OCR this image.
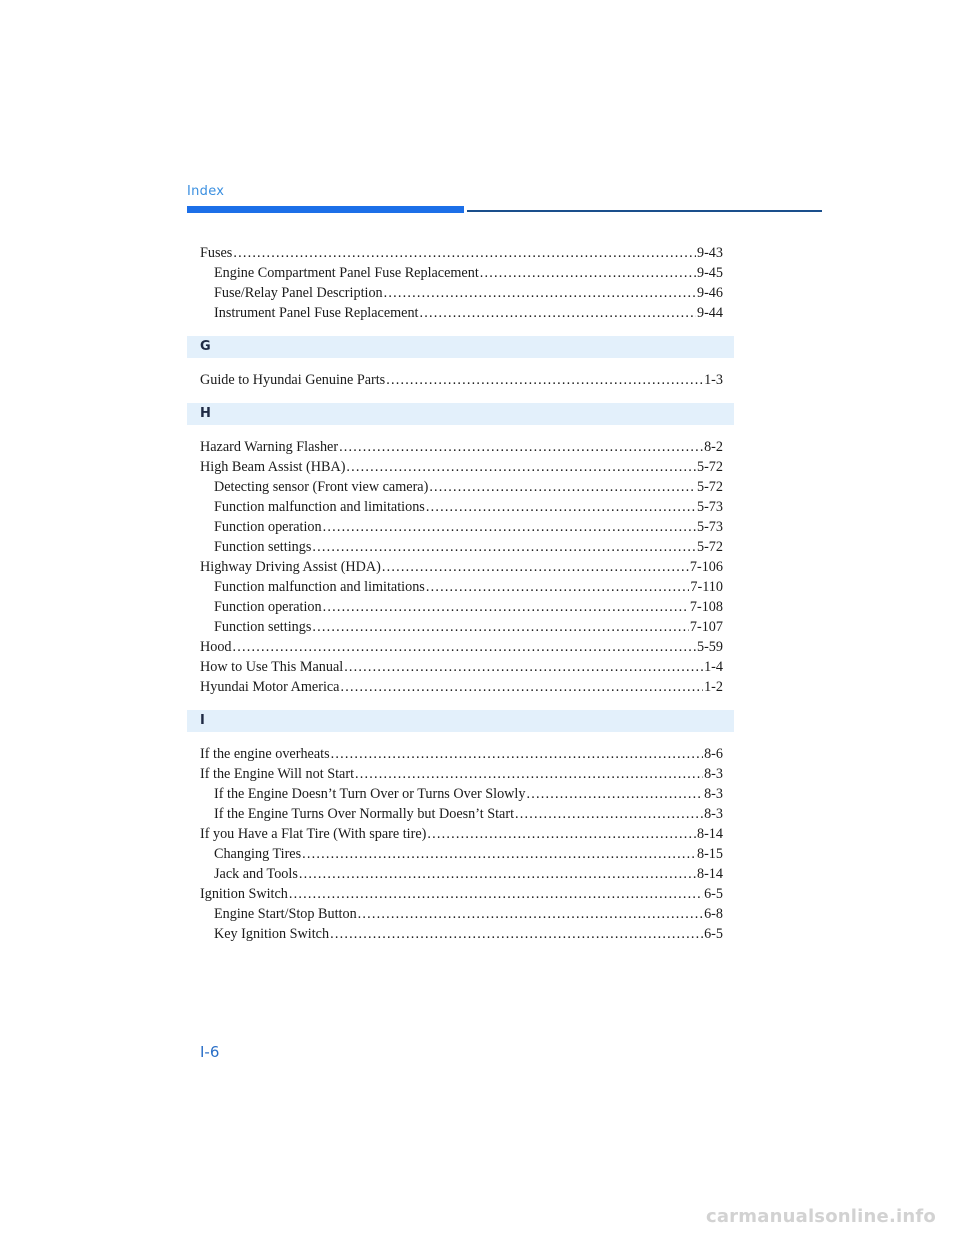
Index
Fuses .....	9-43
Engine Compartment Panel Fuse Replacement .....	9-45
Fuse/Relay Panel Description .....	9-46
Instrument Panel Fuse Replacement .....	9-44
G
Guide to Hyundai Genuine Parts .....	1-3
H
Hazard Warning Flasher .....	8-2
High Beam Assist (HBA) .....	5-72
Detecting sensor (Front view camera) .....	5-72
Function malfunction and limitations .....	5-73
Function operation .....	5-73
Function settings .....	5-72
Highway Driving Assist (HDA) .....	7-106
Function malfunction and limitations .....	7-110
Function operation .....	7-108
Function settings .....	7-107
Hood .....	5-59
How to Use This Manual .....	1-4
Hyundai Motor America .....	1-2
I
If the engine overheats .....	8-6
If the Engine Will not Start .....	8-3
If the Engine Doesn’t Turn Over or Turns Over Slowly .....	8-3
If the Engine Turns Over Normally but Doesn’t Start .....	8-3
If you Have a Flat Tire (With spare tire) .....	8-14
Changing Tires .....	8-15
Jack and Tools .....	8-14
Ignition Switch .....	6-5
Engine Start/Stop Button .....	6-8
Key Ignition Switch .....	6-5
I-6
carmanualsonline.info
